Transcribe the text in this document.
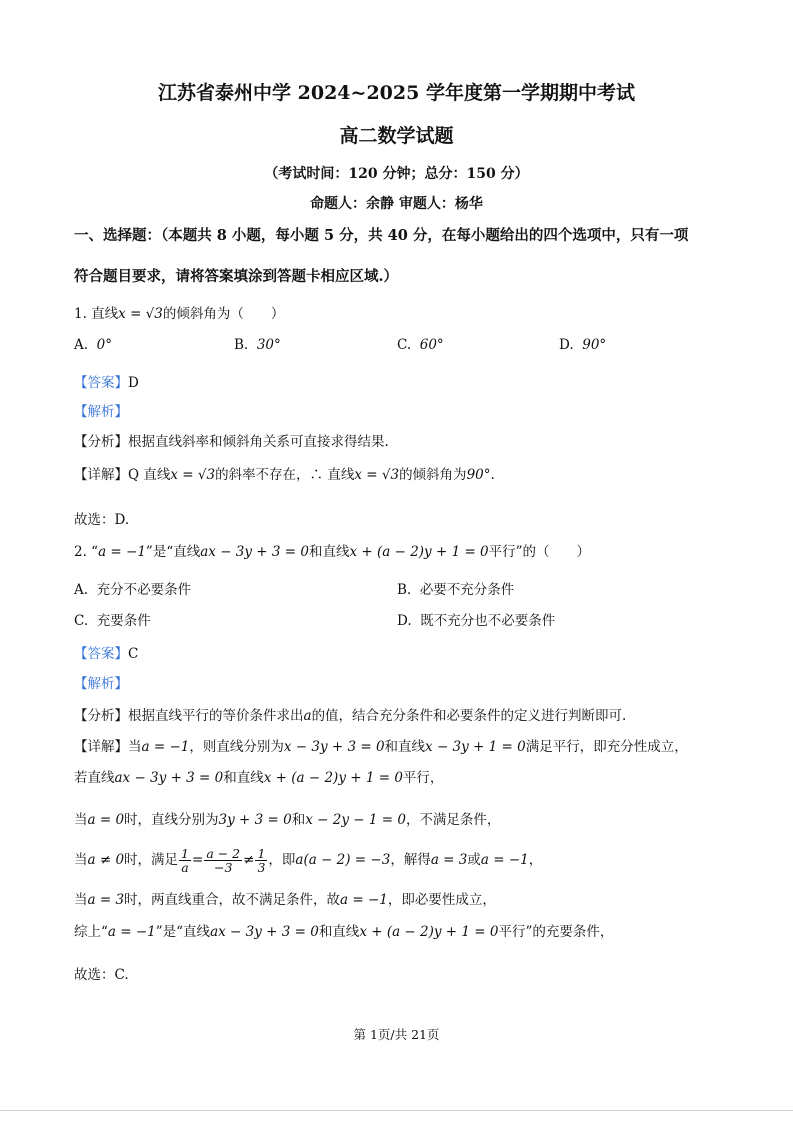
江苏省泰州中学 2024~2025 学年度第一学期期中考试
高二数学试题
（考试时间：120 分钟；总分：150 分）
命题人：余静 审题人：杨华
一、选择题：（本题共 8 小题，每小题 5 分，共 40 分，在每小题给出的四个选项中，只有一项
符合题目要求，请将答案填涂到答题卡相应区域.）
1. 直线x = √3的倾斜角为（　　）
A. 0°	B. 30°	C. 60°	D. 90°
【答案】D
【解析】
【分析】根据直线斜率和倾斜角关系可直接求得结果.
【详解】Q 直线x = √3的斜率不存在，∴ 直线x = √3的倾斜角为90°.
故选：D.
2. “a = −1”是“直线ax − 3y + 3 = 0和直线x + (a − 2)y + 1 = 0平行”的（　　）
A. 充分不必要条件	B. 必要不充分条件
C. 充要条件	D. 既不充分也不必要条件
【答案】C
【解析】
【分析】根据直线平行的等价条件求出a的值，结合充分条件和必要条件的定义进行判断即可.
【详解】当a = −1，则直线分别为x − 3y + 3 = 0和直线x − 3y + 1 = 0满足平行，即充分性成立，
若直线ax − 3y + 3 = 0和直线x + (a − 2)y + 1 = 0平行，
当a = 0时，直线分别为3y + 3 = 0和x − 2y − 1 = 0，不满足条件，
当a ≠ 0时，满足 $\frac{1}{a} = \frac{a - 2}{-3} \ne \frac{1}{3}$ ，即a(a − 2) = −3，解得a = 3或a = −1，
当a = 3时，两直线重合，故不满足条件，故a = −1，即必要性成立，
综上“a = −1”是“直线ax − 3y + 3 = 0和直线x + (a − 2)y + 1 = 0平行”的充要条件，
故选：C.
第 1页/共 21页
